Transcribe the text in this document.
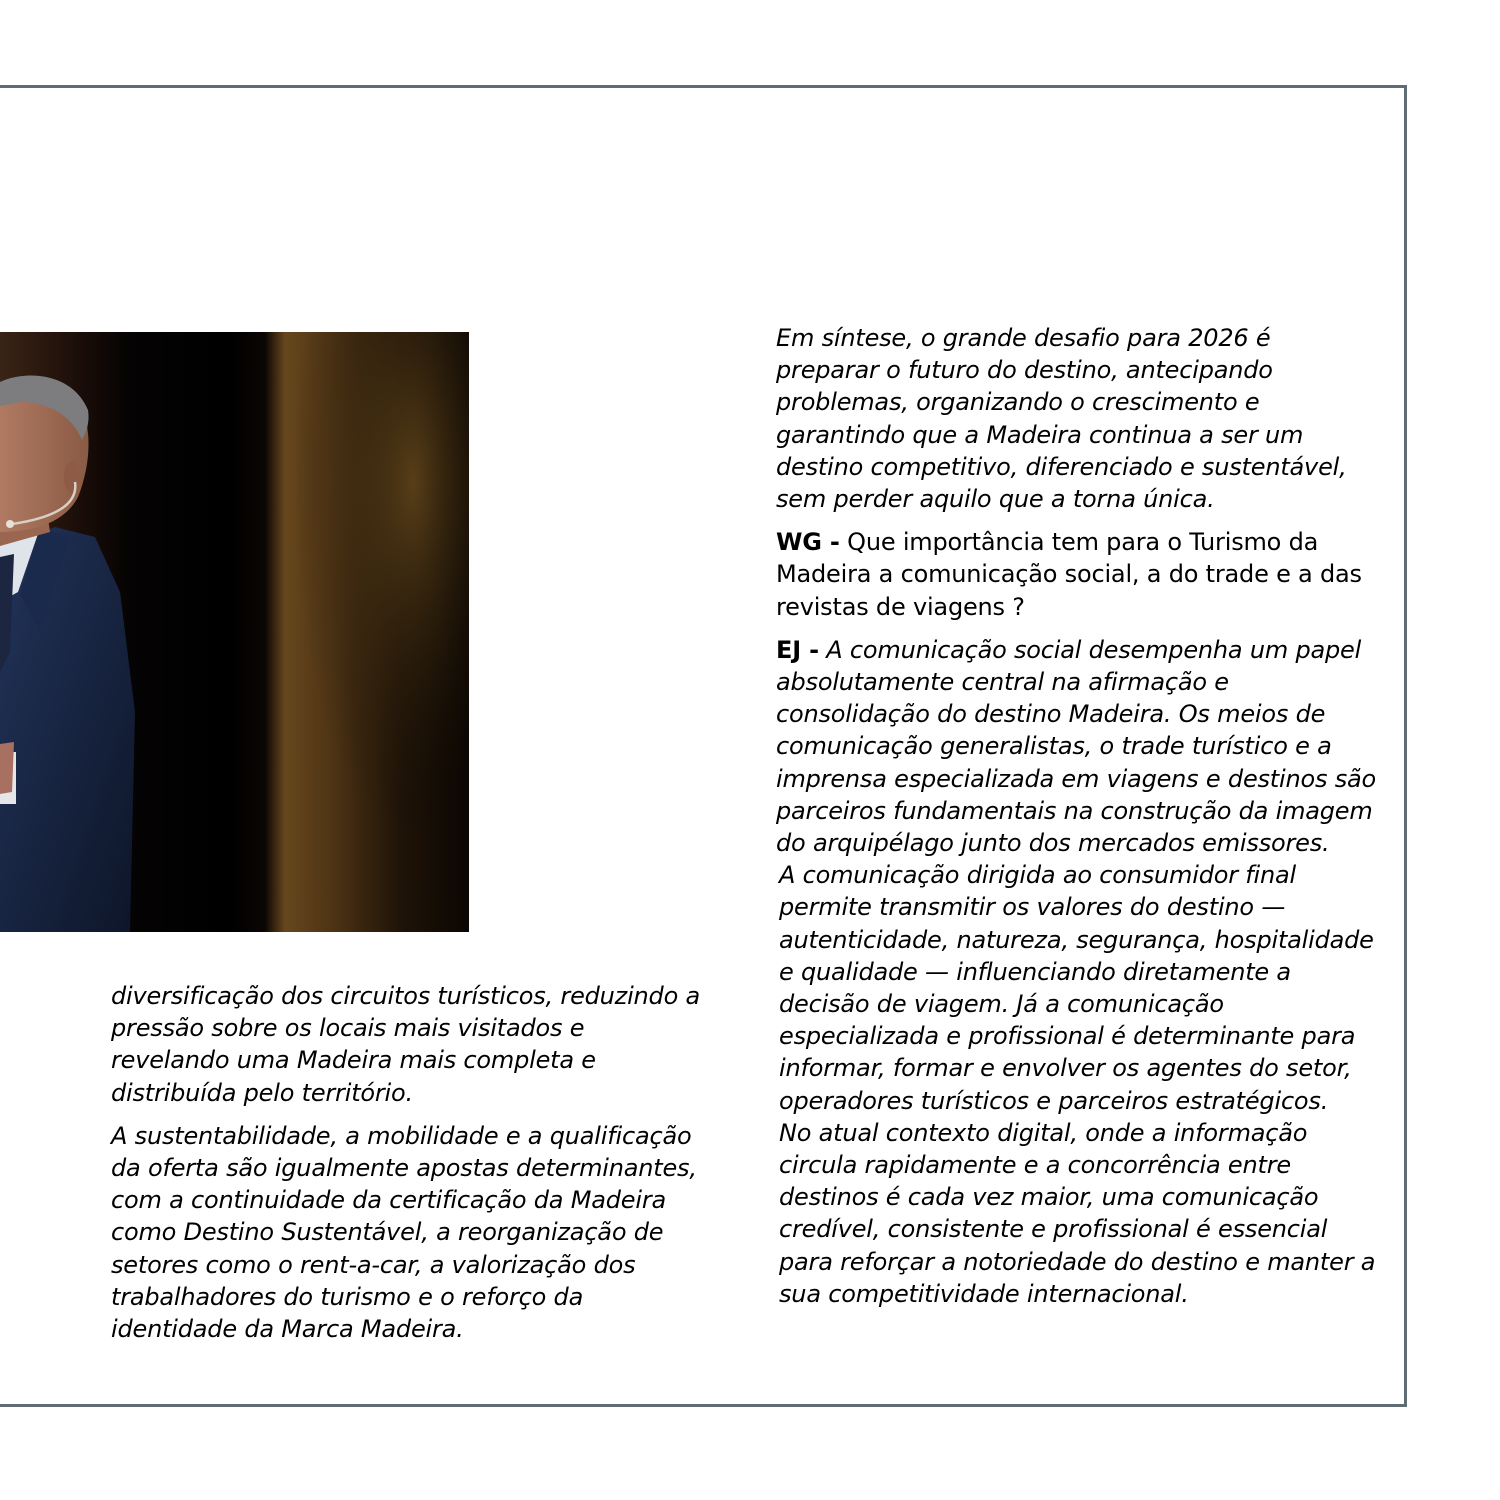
diversificação dos circuitos turísticos, reduzindo a pressão sobre os locais mais visitados e revelando uma Madeira mais completa e distribuída pelo território.

A sustentabilidade, a mobilidade e a qualificação da oferta são igualmente apostas determinantes, com a continuidade da certificação da Madeira como Destino Sustentável, a reorganização de setores como o rent-a-car, a valorização dos trabalhadores do turismo e o reforço da identidade da Marca Madeira.

Em síntese, o grande desafio para 2026 é preparar o futuro do destino, antecipando problemas, organizando o crescimento e garantindo que a Madeira continua a ser um destino competitivo, diferenciado e sustentável, sem perder aquilo que a torna única.

WG - Que importância tem para o Turismo da Madeira a comunicação social, a do trade e a das revistas de viagens ?

EJ - A comunicação social desempenha um papel absolutamente central na afirmação e consolidação do destino Madeira. Os meios de comunicação generalistas, o trade turístico e a imprensa especializada em viagens e destinos são parceiros fundamentais na construção da imagem do arquipélago junto dos mercados emissores.

A comunicação dirigida ao consumidor final permite transmitir os valores do destino — autenticidade, natureza, segurança, hospitalidade e qualidade — influenciando diretamente a decisão de viagem. Já a comunicação especializada e profissional é determinante para informar, formar e envolver os agentes do setor, operadores turísticos e parceiros estratégicos.

No atual contexto digital, onde a informação circula rapidamente e a concorrência entre destinos é cada vez maior, uma comunicação credível, consistente e profissional é essencial para reforçar a notoriedade do destino e manter a sua competitividade internacional.
